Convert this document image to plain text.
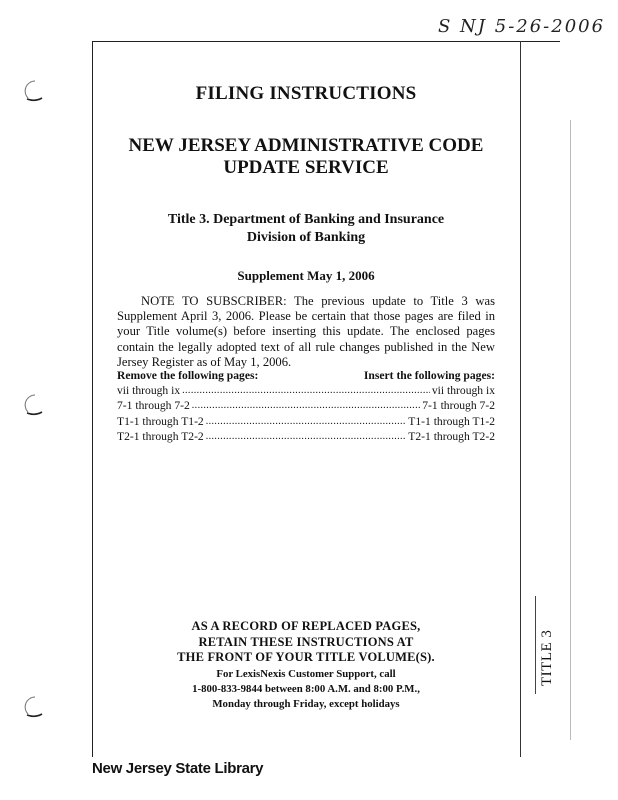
S NJ 5-26-2006
FILING INSTRUCTIONS
NEW JERSEY ADMINISTRATIVE CODE
UPDATE SERVICE
Title 3. Department of Banking and Insurance
Division of Banking
Supplement May 1, 2006
NOTE TO SUBSCRIBER: The previous update to Title 3 was Supplement April 3, 2006. Please be certain that those pages are filed in your Title volume(s) before inserting this update. The enclosed pages contain the legally adopted text of all rule changes published in the New Jersey Register as of May 1, 2006.
Remove the following pages:	Insert the following pages:
vii through ix .....	vii through ix
7-1 through 7-2 .....	7-1 through 7-2
T1-1 through T1-2 .....	T1-1 through T1-2
T2-1 through T2-2 .....	T2-1 through T2-2
AS A RECORD OF REPLACED PAGES,
RETAIN THESE INSTRUCTIONS AT
THE FRONT OF YOUR TITLE VOLUME(S).
For LexisNexis Customer Support, call
1-800-833-9844 between 8:00 A.M. and 8:00 P.M.,
Monday through Friday, except holidays
TITLE 3
New Jersey State Library
